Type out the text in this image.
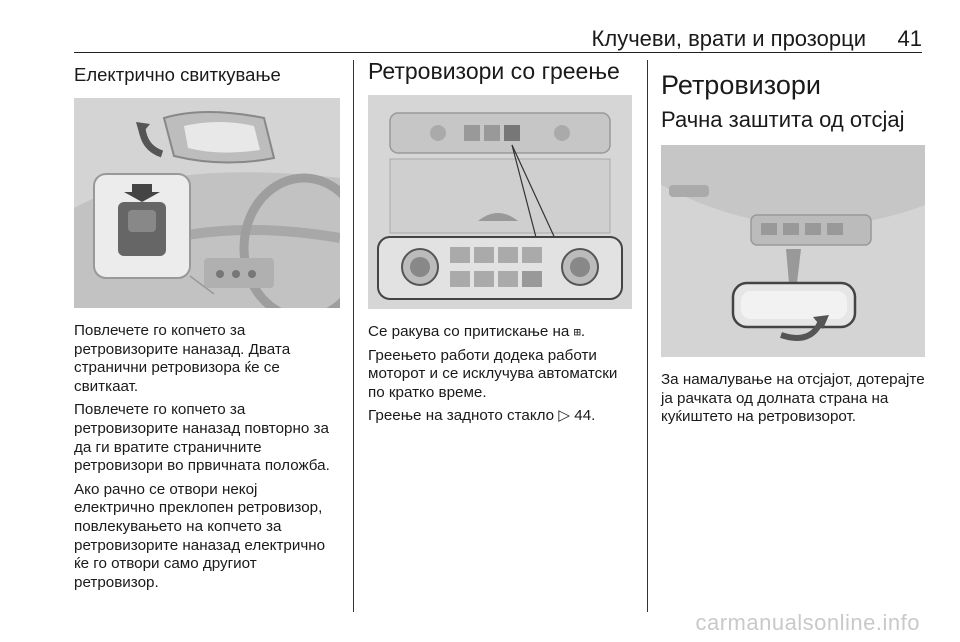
Клучеви, врати и прозорци 41
Електрично свиткување

Повлечете го копчето за ретровизорите наназад. Двата странични ретровизора ќе се свиткаат.

Повлечете го копчето за ретровизорите наназад повторно за да ги вратите страничните ретровизори во првичната положба.

Ако рачно се отвори некој електрично преклопен ретровизор, повлекувањето на копчето за ретровизорите наназад електрично ќе го отвори само другиот ретровизор.

Ретровизори со греење

Се ракува со притискање на ⊞.

Греењето работи додека работи моторот и се исклучува автоматски по кратко време.

Греење на задното стакло ▷ 44.

Ретровизори
Рачна заштита од отсјај

За намалување на отсјајот, дотерајте ја рачката од долната страна на куќиштето на ретровизорот.

carmanualsonline.info
